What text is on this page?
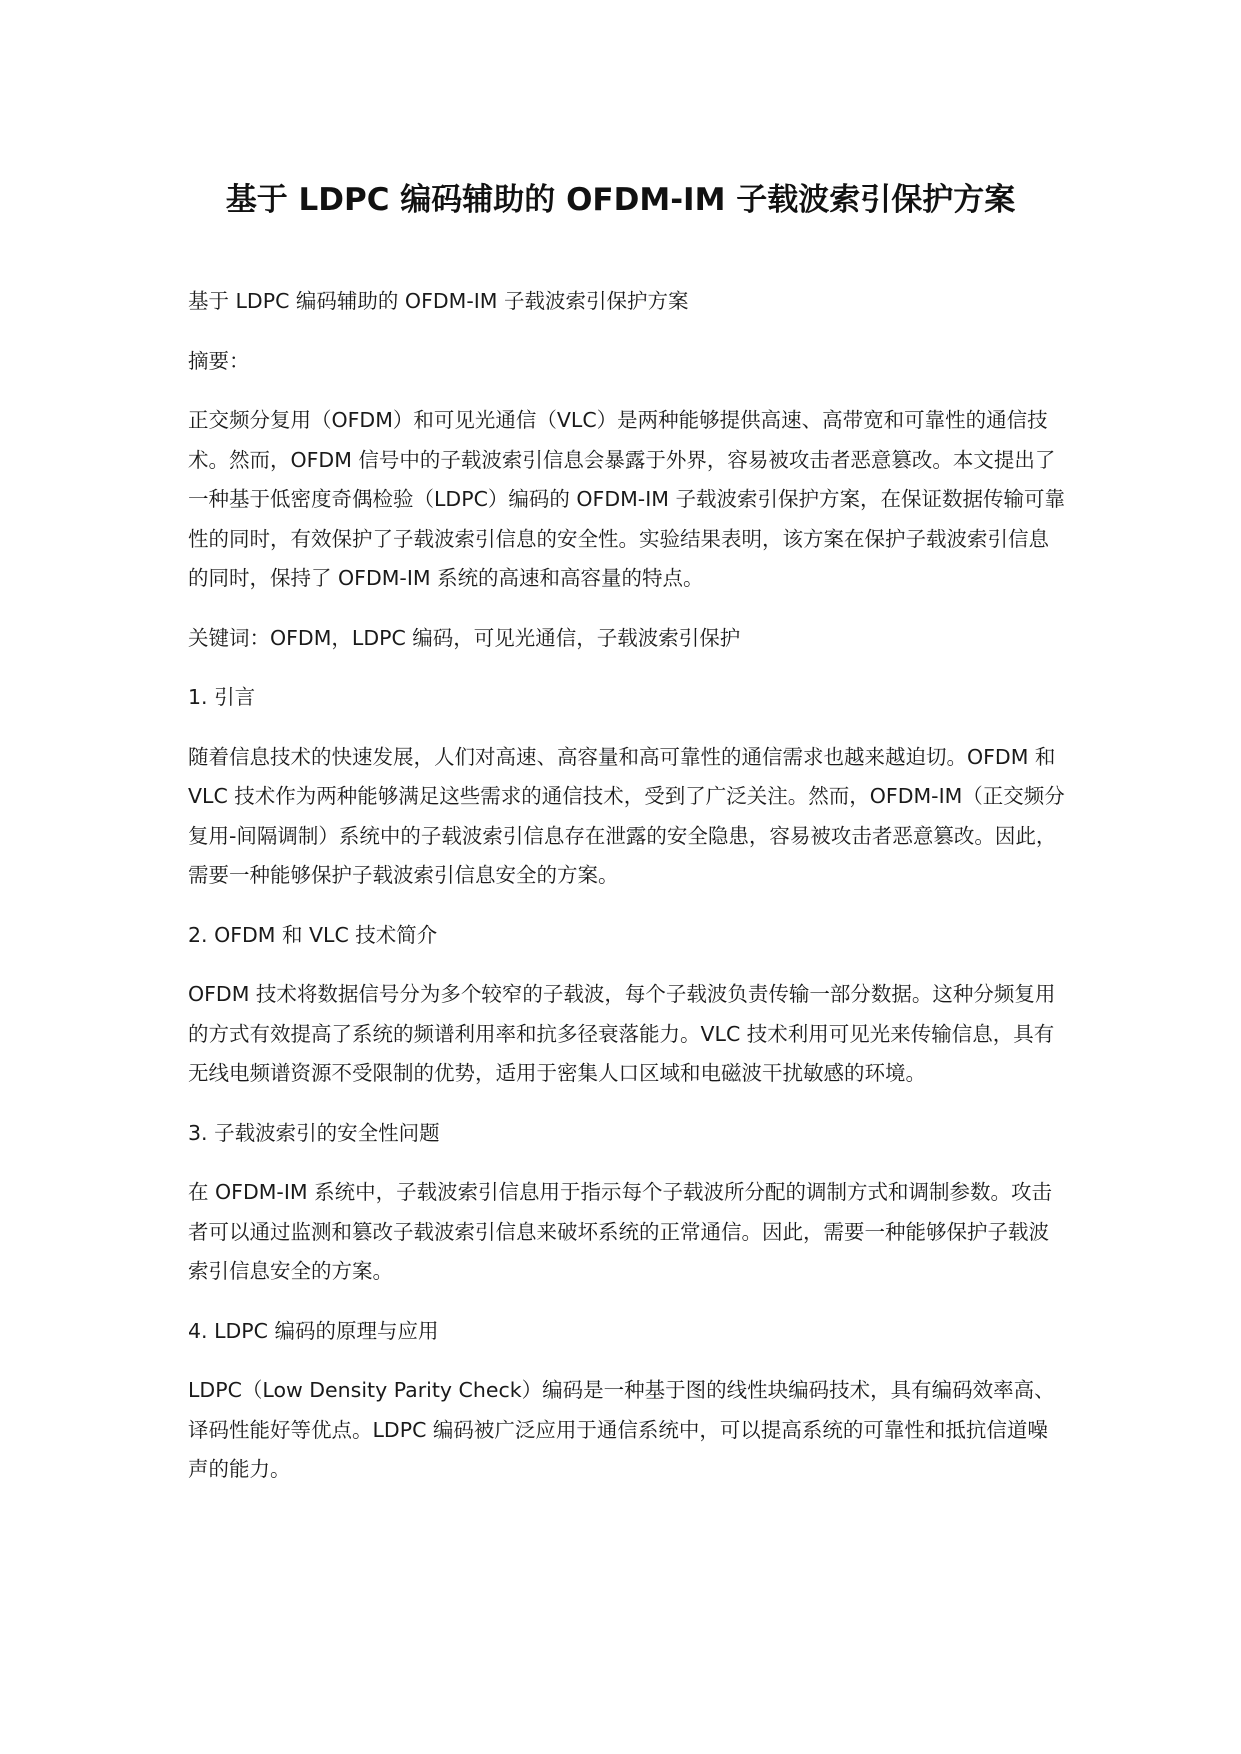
基于 LDPC 编码辅助的 OFDM-IM 子载波索引保护方案

基于 LDPC 编码辅助的 OFDM-IM 子载波索引保护方案

摘要：

正交频分复用（OFDM）和可见光通信（VLC）是两种能够提供高速、高带宽和可靠性的通信技术。然而，OFDM 信号中的子载波索引信息会暴露于外界，容易被攻击者恶意篡改。本文提出了一种基于低密度奇偶检验（LDPC）编码的 OFDM-IM 子载波索引保护方案，在保证数据传输可靠性的同时，有效保护了子载波索引信息的安全性。实验结果表明，该方案在保护子载波索引信息的同时，保持了 OFDM-IM 系统的高速和高容量的特点。

关键词：OFDM，LDPC 编码，可见光通信，子载波索引保护

1. 引言

随着信息技术的快速发展，人们对高速、高容量和高可靠性的通信需求也越来越迫切。OFDM 和 VLC 技术作为两种能够满足这些需求的通信技术，受到了广泛关注。然而，OFDM-IM（正交频分复用-间隔调制）系统中的子载波索引信息存在泄露的安全隐患，容易被攻击者恶意篡改。因此，需要一种能够保护子载波索引信息安全的方案。

2. OFDM 和 VLC 技术简介

OFDM 技术将数据信号分为多个较窄的子载波，每个子载波负责传输一部分数据。这种分频复用的方式有效提高了系统的频谱利用率和抗多径衰落能力。VLC 技术利用可见光来传输信息，具有无线电频谱资源不受限制的优势，适用于密集人口区域和电磁波干扰敏感的环境。

3. 子载波索引的安全性问题

在 OFDM-IM 系统中，子载波索引信息用于指示每个子载波所分配的调制方式和调制参数。攻击者可以通过监测和篡改子载波索引信息来破坏系统的正常通信。因此，需要一种能够保护子载波索引信息安全的方案。

4. LDPC 编码的原理与应用

LDPC（Low Density Parity Check）编码是一种基于图的线性块编码技术，具有编码效率高、译码性能好等优点。LDPC 编码被广泛应用于通信系统中，可以提高系统的可靠性和抵抗信道噪声的能力。
